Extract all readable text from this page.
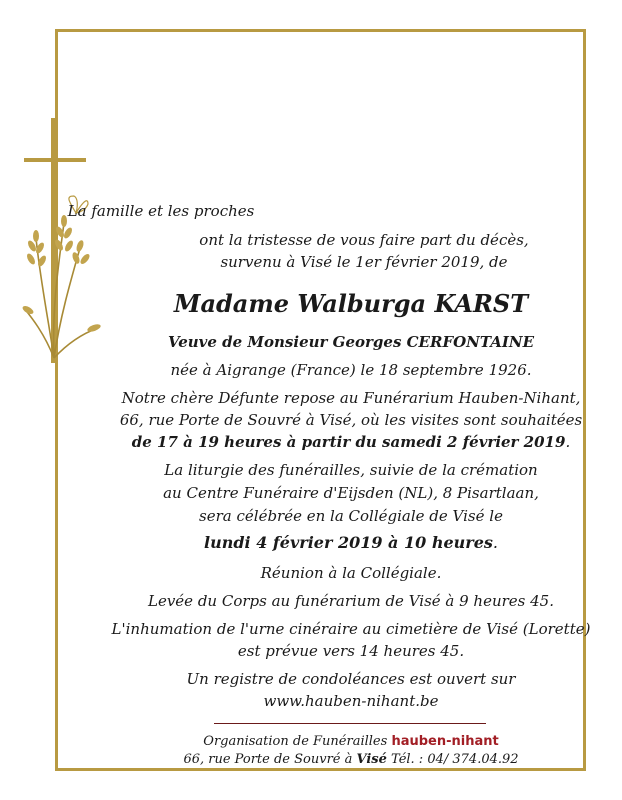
La famille et les proches
ont la tristesse de vous faire part du décès,
survenu à Visé le 1er février 2019, de
Madame Walburga KARST
Veuve de Monsieur Georges CERFONTAINE
née à Aigrange (France) le 18 septembre 1926.
Notre chère Défunte repose au Funérarium Hauben-Nihant,
66, rue Porte de Souvré à Visé, où les visites sont souhaitées
de 17 à 19 heures à partir du samedi 2 février 2019.
La liturgie des funérailles, suivie de la crémation
au Centre Funéraire d'Eijsden (NL), 8 Pisartlaan,
sera célébrée en la Collégiale de Visé le
lundi 4 février 2019 à 10 heures.
Réunion à la Collégiale.
Levée du Corps au funérarium de Visé à 9 heures 45.
L'inhumation de l'urne cinéraire au cimetière de Visé (Lorette)
est prévue vers 14 heures 45.
Un registre de condoléances est ouvert sur
www.hauben-nihant.be
Organisation de Funérailles hauben-nihant
66, rue Porte de Souvré à Visé Tél. : 04/ 374.04.92
